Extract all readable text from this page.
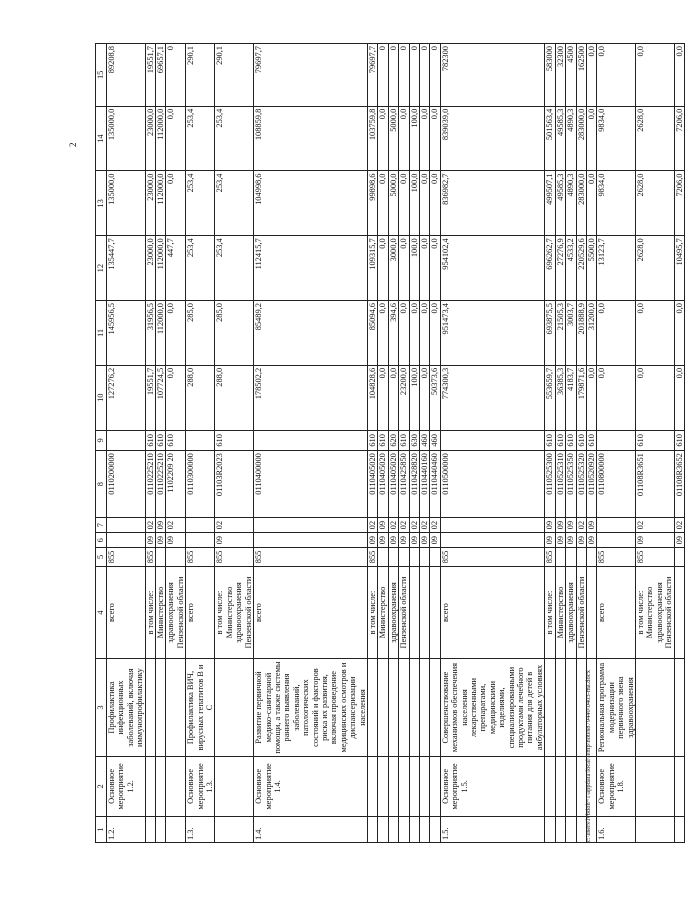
2
1	2	3	4	5	6	7	8	9	10	11	12	13	14	15
1.2.	Основное мероприятие 1.2.	Профилактика инфекционных заболеваний, включая иммунопрофилактику	всего	855			0110200000		127276,2	145956,5	135447,7	135000,0	135000,0	89208,8
			в том числе:	855	09	02	0110225210	610	19551,7	31956,5	23000,0	23000,0	23000,0	19551,7
			Министерство		09	09	0110225210	610	107724,5	112000,0	112000,0	112000,0	112000,0	69657,1
			здравоохранения Пензенской области		09	02	1102209 20	610	0,0	0,0	447,7	0,0	0,0	0
1.3.	Основное мероприятие 1.3.	Профилактика ВИЧ, вирусных гепатитов В и С	всего	855			0110300000		288,0	285,0	253,4	253,4	253,4	290,1
			в том числе: Министерство здравоохранения Пензенской области	855	09	02	01103R2023	610	288,0	285,0	253,4	253,4	253,4	290,1
1.4.	Основное мероприятие 1.4.	Развитие первичной медико-санитарной помощи, а также системы раннего выявления заболеваний, патологических состояний и факторов риска их развития, включая проведение медицинских осмотров и диспансеризации населения	всего	855			0110400000		178502,2	85489,2	112415,7	104998,6	108859,8	79697,7
			в том числе:	855	09	02	0110405020	610	104828,6	85094,6	109315,7	99898,6	103759,8	79697,7
			Министерство		09	09	0110405020	610	0,0	0,0	0,0	0,0	0,0	0
			здравоохранения		09	02	0110405020	620	0,0	394,6	3000,0	5000,0	5000,0	0
			Пензенской области		09	02	0110425850	610	23200,0	0,0	0,0	0,0	0,0	0
					09	02	0110428820	630	100,0	0,0	100,0	100,0	100,0	0
					09	02	0110440160	460	0,0	0,0	0,0	0,0	0,0	0
					09	02	0110440460	460	50373,6	0,0	0,0	0,0	0,0	0
1.5.	Основное мероприятие 1.5.	Совершенствование механизмов обеспечения населения лекарственными препаратами, медицинскими изделиями, специализированными продуктами лечебного питания для детей в амбулаторных условиях	всего	855			0110500000		774300,3	951473,4	954102,4	836982,7	839039,0	782300
			в том числе:	855	09	09	0110525300	610	553659,7	693875,5	696262,7	499507,1	501563,4	583000
			Министерство		09	09	0110525310	610	36385,3	21505,3	27276,9	49585,3	49585,3	32300
			здравоохранения		09	09	0110525350	610	4183,7	3003,7	4533,2	4890,3	4890,3	4500
			Пензенской области		09	02	0110525320	610	179871,6	201888,9	220529,6	283000,0	283000,0	162500
					09	09	0110520920	610	0,0	31200,0	5500,0	0,0	0,0	0,0
1.6.	Основное мероприятие 1.8.	Региональная программа модернизации первичного звена здравоохранения	всего	855			0110800000		0,0	0,0	13123,7	9834,0	9834,0	0,0
			в том числе: Министерство здравоохранения Пензенской области	855	09	02	01108R3651	610	0,0	0,0	2628,0	2628,0	2628,0	0,0
					09	02	01108R3652	610	0,0	0,0	10495,7	7206,0	7206,0	0,0
c:\users\lvbdoh~1\appdata\local\temp\notes879440\0403-ma.docx
